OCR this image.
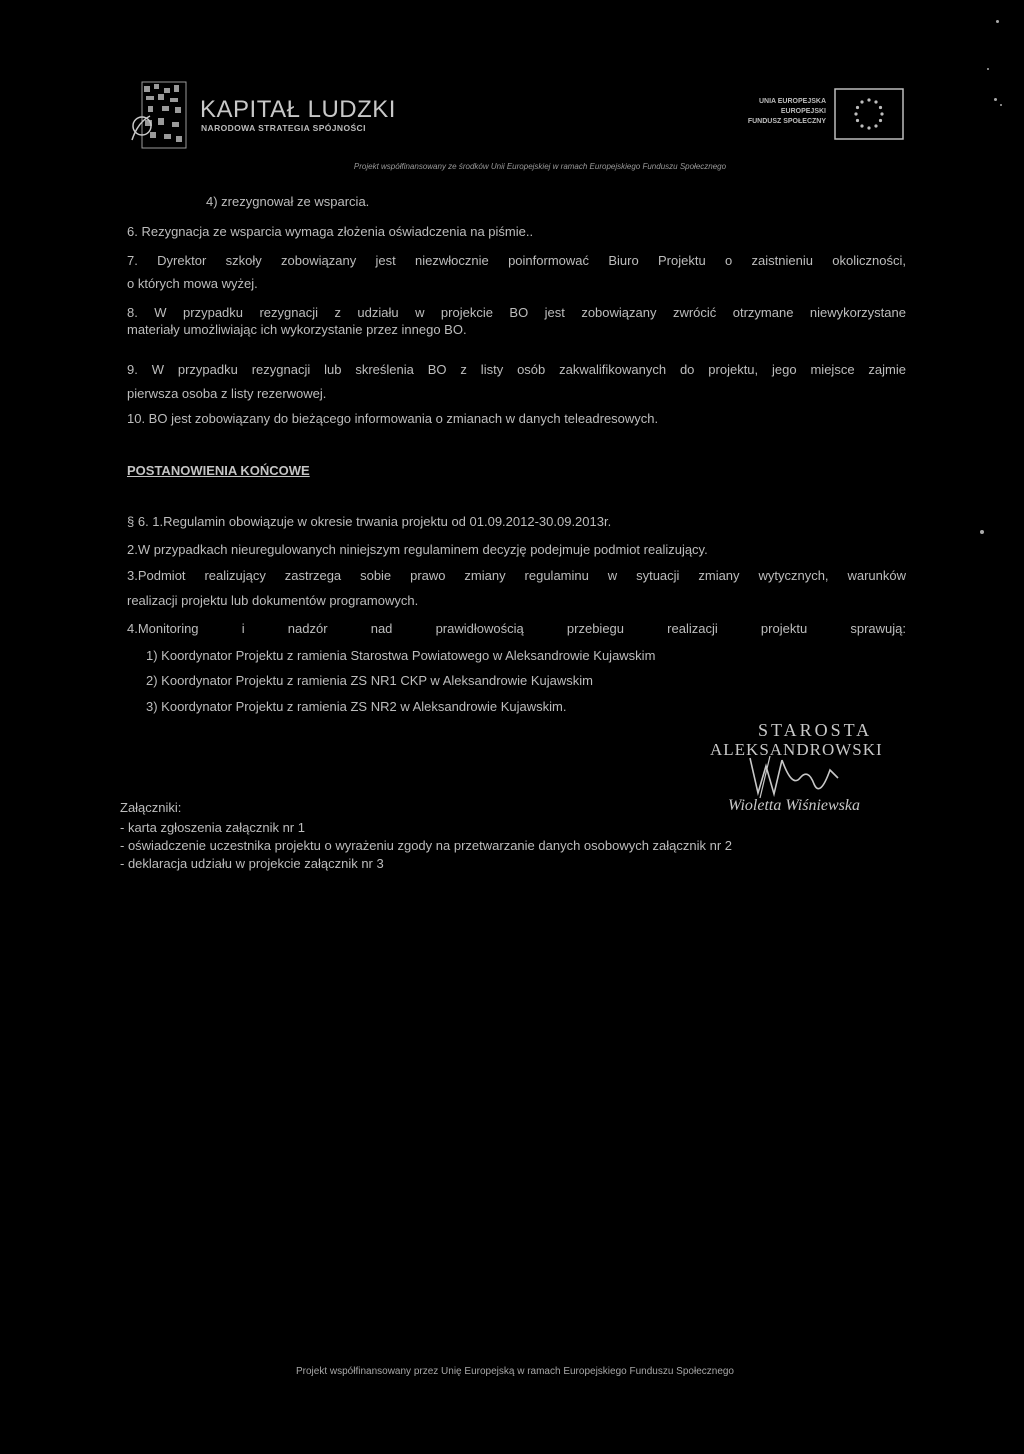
KAPITAŁ LUDZKI
NARODOWA STRATEGIA SPÓJNOŚCI
UNIA EUROPEJSKA
EUROPEJSKI
FUNDUSZ SPOŁECZNY
Projekt współfinansowany ze środków Unii Europejskiej w ramach Europejskiego Funduszu Społecznego
4) zrezygnował ze wsparcia.
6. Rezygnacja ze wsparcia wymaga złożenia oświadczenia na piśmie..
7. Dyrektor szkoły zobowiązany jest niezwłocznie poinformować Biuro Projektu o zaistnieniu okoliczności,
o których mowa wyżej.
8. W przypadku rezygnacji z udziału w projekcie BO jest zobowiązany zwrócić otrzymane niewykorzystane
materiały umożliwiając ich wykorzystanie przez innego BO.
9. W przypadku rezygnacji lub skreślenia BO z listy osób zakwalifikowanych do projektu, jego miejsce zajmie
pierwsza osoba z listy rezerwowej.
10. BO jest zobowiązany do bieżącego informowania o zmianach w danych teleadresowych.
POSTANOWIENIA KOŃCOWE
§ 6. 1.Regulamin obowiązuje w okresie trwania projektu od 01.09.2012-30.09.2013r.
2.W przypadkach nieuregulowanych niniejszym regulaminem decyzję podejmuje podmiot realizujący.
3.Podmiot realizujący zastrzega sobie prawo zmiany regulaminu w sytuacji zmiany wytycznych, warunków
realizacji projektu lub dokumentów programowych.
4.Monitoring i nadzór nad prawidłowością przebiegu realizacji projektu sprawują:
1) Koordynator Projektu z ramienia Starostwa Powiatowego w Aleksandrowie Kujawskim
2) Koordynator Projektu z ramienia ZS NR1 CKP w Aleksandrowie Kujawskim
3) Koordynator Projektu z ramienia ZS NR2 w Aleksandrowie Kujawskim.
STAROSTA
ALEKSANDROWSKI
Wioletta Wiśniewska
Załączniki:
- karta zgłoszenia załącznik nr 1
- oświadczenie uczestnika projektu o wyrażeniu zgody na przetwarzanie danych osobowych załącznik nr 2
- deklaracja udziału w projekcie załącznik nr 3
Projekt współfinansowany przez Unię Europejską w ramach Europejskiego Funduszu Społecznego
